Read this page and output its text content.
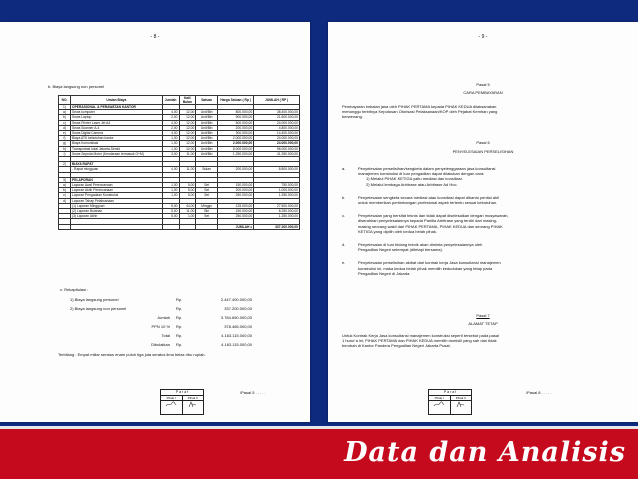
- 8 -
b. Biaya langsung non personel
NO.	Uraian Biaya	Jumlah	Kali/ Bulan	Satuan	Harga Satuan ( Rp )	JUMLAH ( RP )
1)	OPERASIONAL & PERAWATAN KANTOR					
a)	Sewa komputer	4,00	12,00	Unit/Bln	800.000,00	38.400.000,00
b)	Sewa Laptop	2,00	12,00	Unit/Bln	900.000,00	21.600.000,00
c)	Sewa Printer Laser Jet A4	4,00	12,00	Unit/Bln	500.000,00	24.000.000,00
d)	Sewa Scanner A-4	2,00	12,00	Unit/Bln	200.000,00	4.800.000,00
e)	Sewa Digital Camera	4,00	12,00	Unit/Bln	300.000,00	14.400.000,00
f)	Biaya ATK kebutuhan kantor	1,00	12,00	Unit/Bln	2.000.000,00	24.000.000,00
g)	Biaya Komunikasi	1,00	12,00	Unit/Bln	2.000.000,00	24.000.000,00
h)	Transportasi lokal Jakarta-Sentul	1,00	12,00	Unit/Bln	8.000.000,00	96.000.000,00
i)	Sewa Sepeda Motor (Kendaraan termasuk O+M)	3,00	11,00	Unit/Bln	1.250.000,00	41.250.000,00

2)	BIAYA RAPAT					
	- Rapat mingguan	4,00	11,00	Bulan	200.000,00	8.800.000,00

3)	PELAPORAN					
a)	Laporan Awal Perencanaan	1,00	5,00	Set	150.000,00	750.000,00
b)	Laporan Akhir Perencanaan	1,00	5,00	Set	200.000,00	1.000.000,00
c)	Laporan Pengadaan Konstruksi	1,00	5,00	Set	250.000,00	1.250.000,00
d)	Laporan Tahap Pelaksanaan					
	(1) Laporan Mingguan	5,00	44,00	Minggu	125.000,00	27.500.000,00
	(2) Laporan Bulanan	5,00	11,00	Bln	150.000,00	8.250.000,00
	(3) Laporan Akhir	5,00	1,00	Set	250.000,00	1.250.000,00

					JUMLAH =	337.200.000,00
c. Rekapitulasi :
1) Biaya langsung personel	Rp.	2.447.400.000,00
2) Biaya langsung non personel	Rp.	337.200.000,00
Jumlah Rp.	3.784.650.000,00
PPN 10 % Rp.	378.465.000,00
Total Rp.	4.163.115.000,00
Dibulatkan Rp.	4.163.115.000,00
Terbilang : Empat miliar seratus enam puluh tiga juta seratus lima belas ribu rupiah.
P a r a f
Pihak I	Pihak II
/Pasal 5 . . . . .
- 9 -
Pasal 5
CARA PEMBAYARAN
Pembayaran imbalan jasa oleh PIHAK PERTAMA kepada PIHAK KEDUA dilaksanakan
menunggu terbitnya Keputusan Otorisasi Pelaksanaan/KOP oleh Pejabat Kemhan yang
berwenang.
Pasal 6
PENYELESAIAN PERSELISIHAN
a.	Penyelesaian perselisihan/sengketa dalam penyelenggaraan jasa konsultansi
manajemen konstruksi di luar pengadilan dapat dilakukan dengan cara:
1) Melalui PIHAK KETIGA yaitu mediasi dan konsiliasi.
2) Melalui lembaga Arbitrase atau Arbitrase Ad Hoc.
b.	Penyelesaian sengketa secara mediasi atau konsiliasi dapat dibantu penilai ahli
untuk memberikan pertimbangan profesional aspek tertentu sesuai kebutuhan.
c.	Penyelesaian yang bersifat teknis dan tidak dapat diselesaikan dengan musyawarah,
diserahkan penyelesaiannya kepada Panitia Arbitrase yang terdiri dari masing-
masing seorang wakil dari PIHAK PERTAMA, PIHAK KEDUA dan seorang PIHAK
KETIGA yang dipilih oleh kedua belah pihak.
d.	Penyelesaian di luar bidang teknik akan diminta penyelesaiannya oleh
Pengadilan Negeri setempat (ditetapi bersama).
e.	Penyelesaian perselisihan akibat dari kontrak kerja Jasa konsultansi manajemen
konstruksi ini, maka kedua belah pihak memilih kedudukan yang tetap pada
Pengadilan Negeri di Jakarta.
Pasal 7
ALAMAT TETAP
Untuk Kontrak Kerja Jasa konsultansi manajemen konstruksi seperti tersebut pada pasal
1 huruf a ini, PIHAK PERTAMA dan PIHAK KEDUA memilih domisili yang sah dan tidak
berubah di Kantor Pandera Pengadilan Negeri Jakarta Pusat.
P a r a f
Pihak I	Pihak II
/Pasal 8 . . . . .
Data dan Analisis
